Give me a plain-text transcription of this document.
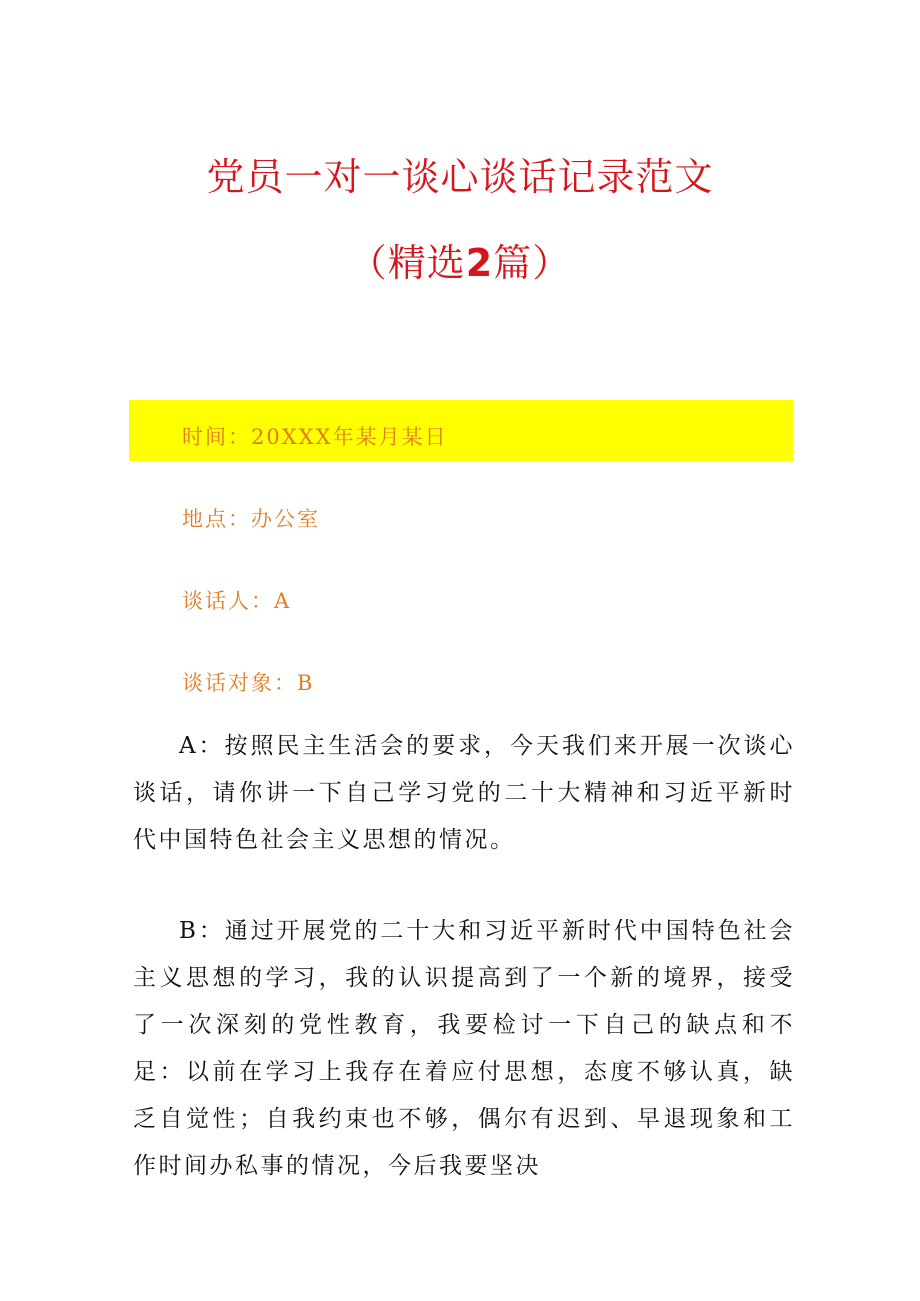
党员一对一谈心谈话记录范文
（精选2篇）
时间：20XXX年某月某日
地点：办公室
谈话人：A
谈话对象：B

A：按照民主生活会的要求，今天我们来开展一次谈心谈话，请你讲一下自己学习党的二十大精神和习近平新时代中国特色社会主义思想的情况。

B：通过开展党的二十大和习近平新时代中国特色社会主义思想的学习，我的认识提高到了一个新的境界，接受了一次深刻的党性教育，我要检讨一下自己的缺点和不足：以前在学习上我存在着应付思想，态度不够认真，缺乏自觉性；自我约束也不够，偶尔有迟到、早退现象和工作时间办私事的情况，今后我要坚决
